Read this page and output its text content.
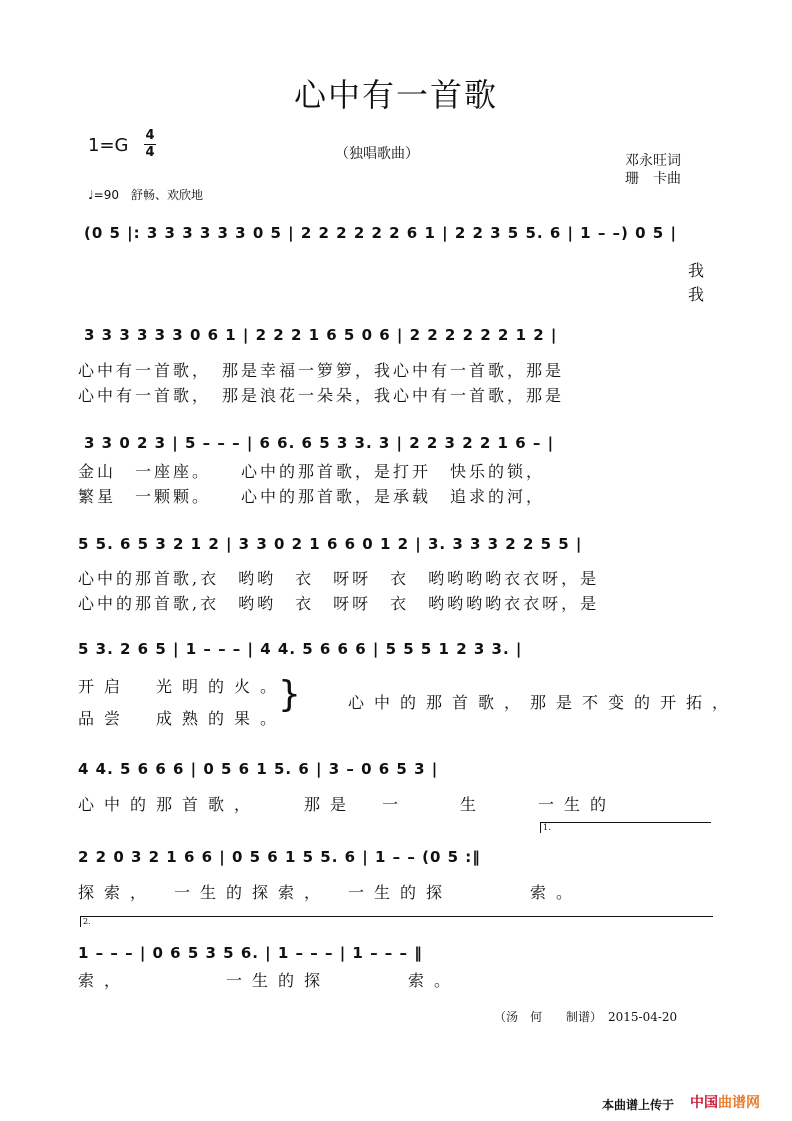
心中有一首歌
1=G 4
4	（独唱歌曲）	邓永旺词
珊　卡曲
♩=90　舒畅、欢欣地
(0 5 |: 3 3 3 3 3 3 0 5 | 2 2 2 2 2 2 6 1 | 2 2 3 5 5. 6 | 1 – –) 0 5 |
我
我
3 3 3 3 3 3 0 6 1 | 2 2 2 1 6 5 0 6 | 2 2 2 2 2 2 1 2 |
心中有一首歌，　那是幸福一箩箩，我心中有一首歌，那是
心中有一首歌，　那是浪花一朵朵，我心中有一首歌，那是
3 3 0 2 3 | 5 – – – | 6 6. 6 5 3 3. 3 | 2 2 3 2 2 1 6 – |
金山　一座座。　　心中的那首歌，是打开　快乐的锁，
繁星　一颗颗。　　心中的那首歌，是承载　追求的河，
5 5. 6 5 3 2 1 2 | 3 3 0 2 1 6 6 0 1 2 | 3. 3 3 3 2 2 5 5 |
心中的那首歌,衣　哟哟　衣　呀呀　衣　哟哟哟哟衣衣呀，是
心中的那首歌,衣　哟哟　衣　呀呀　衣　哟哟哟哟衣衣呀，是
5 3. 2 6 5 | 1 – – – | 4 4. 5 6 6 6 | 5 5 5 1 2 3 3. |
开启　光明的火。
品尝　成熟的果。
}	心中的那首歌，那是不变的开拓，
4 4. 5 6 6 6 | 0 5 6 1 5. 6 | 3 – 0 6 5 3 |
心中的那首歌，　　那是　一　　生　　一生的
1.
2 2 0 3 2 1 6 6 | 0 5 6 1 5 5. 6 | 1 – – (0 5 :‖
探索，　一生的探索，　一生的探　　　索。
2.
1 – – – | 0 6 5 3 5 6. | 1 – – – | 1 – – – ‖
索，　　　　一生的探　　　索。
（汤　何　　制谱）　2015-04-20
本曲谱上传于 中国曲谱网
